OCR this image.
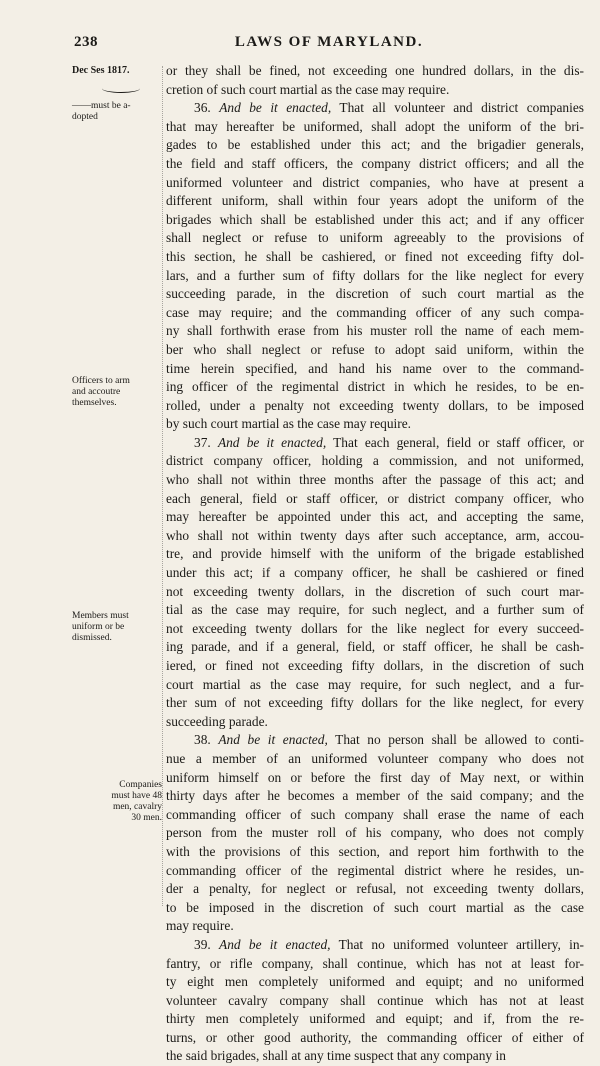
238	LAWS OF MARYLAND.
Dec Ses 1817.
——must be a-
dopted
Officers to arm
and accoutre
themselves.
Members must
uniform or be
dismissed.
Companies
must have 48
men, cavalry
30 men.
or they shall be fined, not exceeding one hundred dollars, in the dis-
cretion of such court martial as the case may require.
36. And be it enacted, That all volunteer and district companies
that may hereafter be uniformed, shall adopt the uniform of the bri-
gades to be established under this act; and the brigadier generals,
the field and staff officers, the company district officers; and all the
uniformed volunteer and district companies, who have at present a
different uniform, shall within four years adopt the uniform of the
brigades which shall be established under this act; and if any officer
shall neglect or refuse to uniform agreeably to the provisions of
this section, he shall be cashiered, or fined not exceeding fifty dol-
lars, and a further sum of fifty dollars for the like neglect for every
succeeding parade, in the discretion of such court martial as the
case may require; and the commanding officer of any such compa-
ny shall forthwith erase from his muster roll the name of each mem-
ber who shall neglect or refuse to adopt said uniform, within the
time herein specified, and hand his name over to the command-
ing officer of the regimental district in which he resides, to be en-
rolled, under a penalty not exceeding twenty dollars, to be imposed
by such court martial as the case may require.
37. And be it enacted, That each general, field or staff officer, or
district company officer, holding a commission, and not uniformed,
who shall not within three months after the passage of this act; and
each general, field or staff officer, or district company officer, who
may hereafter be appointed under this act, and accepting the same,
who shall not within twenty days after such acceptance, arm, accou-
tre, and provide himself with the uniform of the brigade established
under this act; if a company officer, he shall be cashiered or fined
not exceeding twenty dollars, in the discretion of such court mar-
tial as the case may require, for such neglect, and a further sum of
not exceeding twenty dollars for the like neglect for every succeed-
ing parade, and if a general, field, or staff officer, he shall be cash-
iered, or fined not exceeding fifty dollars, in the discretion of such
court martial as the case may require, for such neglect, and a fur-
ther sum of not exceeding fifty dollars for the like neglect, for every
succeeding parade.
38. And be it enacted, That no person shall be allowed to conti-
nue a member of an uniformed volunteer company who does not
uniform himself on or before the first day of May next, or within
thirty days after he becomes a member of the said company; and the
commanding officer of such company shall erase the name of each
person from the muster roll of his company, who does not comply
with the provisions of this section, and report him forthwith to the
commanding officer of the regimental district where he resides, un-
der a penalty, for neglect or refusal, not exceeding twenty dollars,
to be imposed in the discretion of such court martial as the case
may require.
39. And be it enacted, That no uniformed volunteer artillery, in-
fantry, or rifle company, shall continue, which has not at least for-
ty eight men completely uniformed and equipt; and no uniformed
volunteer cavalry company shall continue which has not at least
thirty men completely uniformed and equipt; and if, from the re-
turns, or other good authority, the commanding officer of either of
the said brigades, shall at any time suspect that any company in
